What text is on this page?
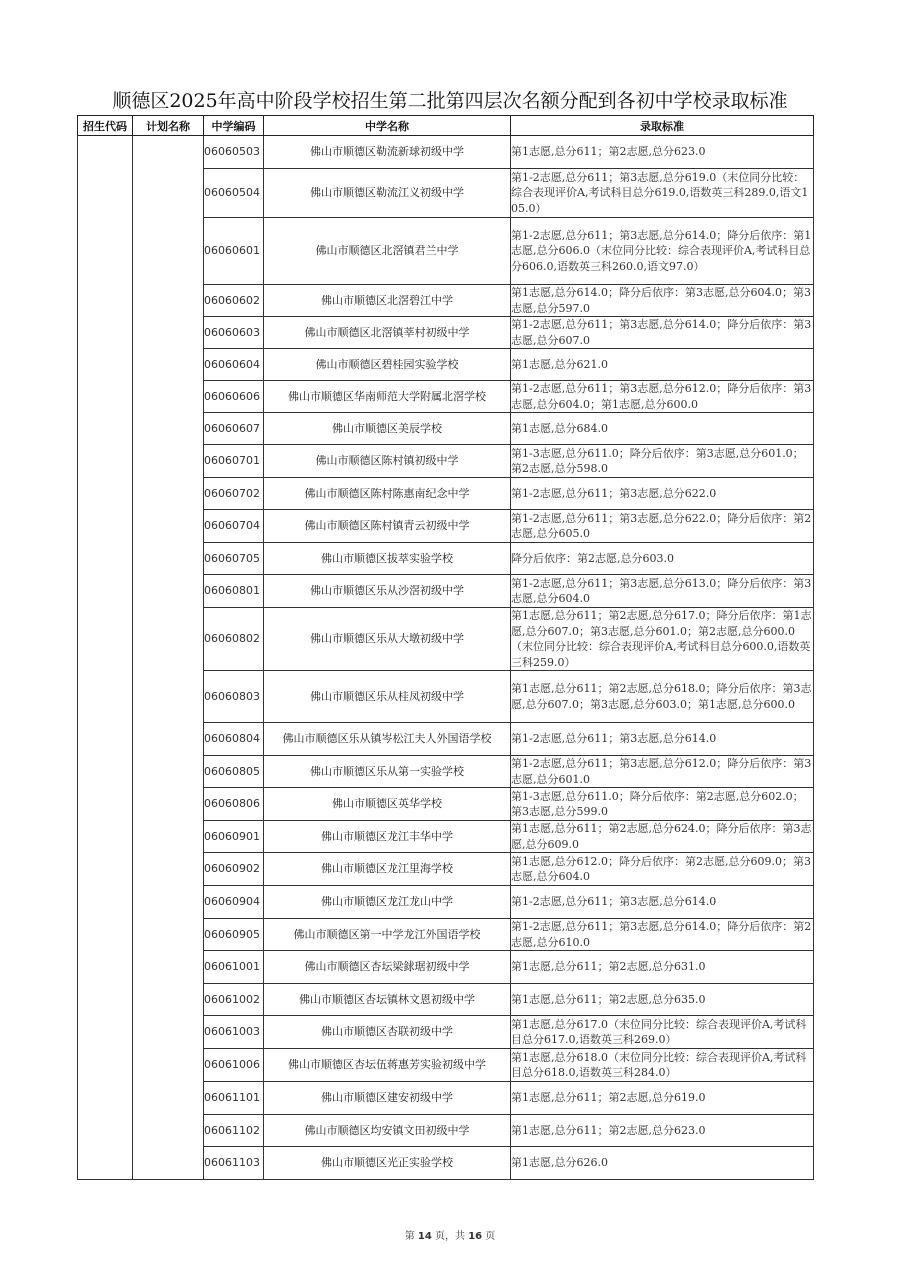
顺德区2025年高中阶段学校招生第二批第四层次名额分配到各初中学校录取标准
招生代码	计划名称	中学编码	中学名称	录取标准
		06060503	佛山市顺德区勒流新球初级中学	第1志愿,总分611；第2志愿,总分623.0
		06060504	佛山市顺德区勒流江义初级中学	第1-2志愿,总分611；第3志愿,总分619.0（末位同分比较：综合表现评价A,考试科目总分619.0,语数英三科289.0,语文105.0）
		06060601	佛山市顺德区北滘镇君兰中学	第1-2志愿,总分611；第3志愿,总分614.0；降分后依序：第1志愿,总分606.0（末位同分比较：综合表现评价A,考试科目总分606.0,语数英三科260.0,语文97.0）
		06060602	佛山市顺德区北滘碧江中学	第1志愿,总分614.0；降分后依序：第3志愿,总分604.0；第3志愿,总分597.0
		06060603	佛山市顺德区北滘镇莘村初级中学	第1-2志愿,总分611；第3志愿,总分614.0；降分后依序：第3志愿,总分607.0
		06060604	佛山市顺德区碧桂园实验学校	第1志愿,总分621.0
		06060606	佛山市顺德区华南师范大学附属北滘学校	第1-2志愿,总分611；第3志愿,总分612.0；降分后依序：第3志愿,总分604.0；第1志愿,总分600.0
		06060607	佛山市顺德区美辰学校	第1志愿,总分684.0
		06060701	佛山市顺德区陈村镇初级中学	第1-3志愿,总分611.0；降分后依序：第3志愿,总分601.0；第2志愿,总分598.0
		06060702	佛山市顺德区陈村陈惠南纪念中学	第1-2志愿,总分611；第3志愿,总分622.0
		06060704	佛山市顺德区陈村镇青云初级中学	第1-2志愿,总分611；第3志愿,总分622.0；降分后依序：第2志愿,总分605.0
		06060705	佛山市顺德区拔萃实验学校	降分后依序：第2志愿,总分603.0
		06060801	佛山市顺德区乐从沙滘初级中学	第1-2志愿,总分611；第3志愿,总分613.0；降分后依序：第3志愿,总分604.0
		06060802	佛山市顺德区乐从大墩初级中学	第1志愿,总分611；第2志愿,总分617.0；降分后依序：第1志愿,总分607.0；第3志愿,总分601.0；第2志愿,总分600.0（末位同分比较：综合表现评价A,考试科目总分600.0,语数英三科259.0）
		06060803	佛山市顺德区乐从桂凤初级中学	第1志愿,总分611；第2志愿,总分618.0；降分后依序：第3志愿,总分607.0；第3志愿,总分603.0；第1志愿,总分600.0
		06060804	佛山市顺德区乐从镇岑松江夫人外国语学校	第1-2志愿,总分611；第3志愿,总分614.0
		06060805	佛山市顺德区乐从第一实验学校	第1-2志愿,总分611；第3志愿,总分612.0；降分后依序：第3志愿,总分601.0
		06060806	佛山市顺德区英华学校	第1-3志愿,总分611.0；降分后依序：第2志愿,总分602.0；第3志愿,总分599.0
		06060901	佛山市顺德区龙江丰华中学	第1志愿,总分611；第2志愿,总分624.0；降分后依序：第3志愿,总分609.0
		06060902	佛山市顺德区龙江里海学校	第1志愿,总分612.0；降分后依序：第2志愿,总分609.0；第3志愿,总分604.0
		06060904	佛山市顺德区龙江龙山中学	第1-2志愿,总分611；第3志愿,总分614.0
		06060905	佛山市顺德区第一中学龙江外国语学校	第1-2志愿,总分611；第3志愿,总分614.0；降分后依序：第2志愿,总分610.0
		06061001	佛山市顺德区杏坛梁銶琚初级中学	第1志愿,总分611；第2志愿,总分631.0
		06061002	佛山市顺德区杏坛镇林文恩初级中学	第1志愿,总分611；第2志愿,总分635.0
		06061003	佛山市顺德区杏联初级中学	第1志愿,总分617.0（末位同分比较：综合表现评价A,考试科目总分617.0,语数英三科269.0）
		06061006	佛山市顺德区杏坛伍蒋惠芳实验初级中学	第1志愿,总分618.0（末位同分比较：综合表现评价A,考试科目总分618.0,语数英三科284.0）
		06061101	佛山市顺德区建安初级中学	第1志愿,总分611；第2志愿,总分619.0
		06061102	佛山市顺德区均安镇文田初级中学	第1志愿,总分611；第2志愿,总分623.0
		06061103	佛山市顺德区光正实验学校	第1志愿,总分626.0
第 14 页，共 16 页
